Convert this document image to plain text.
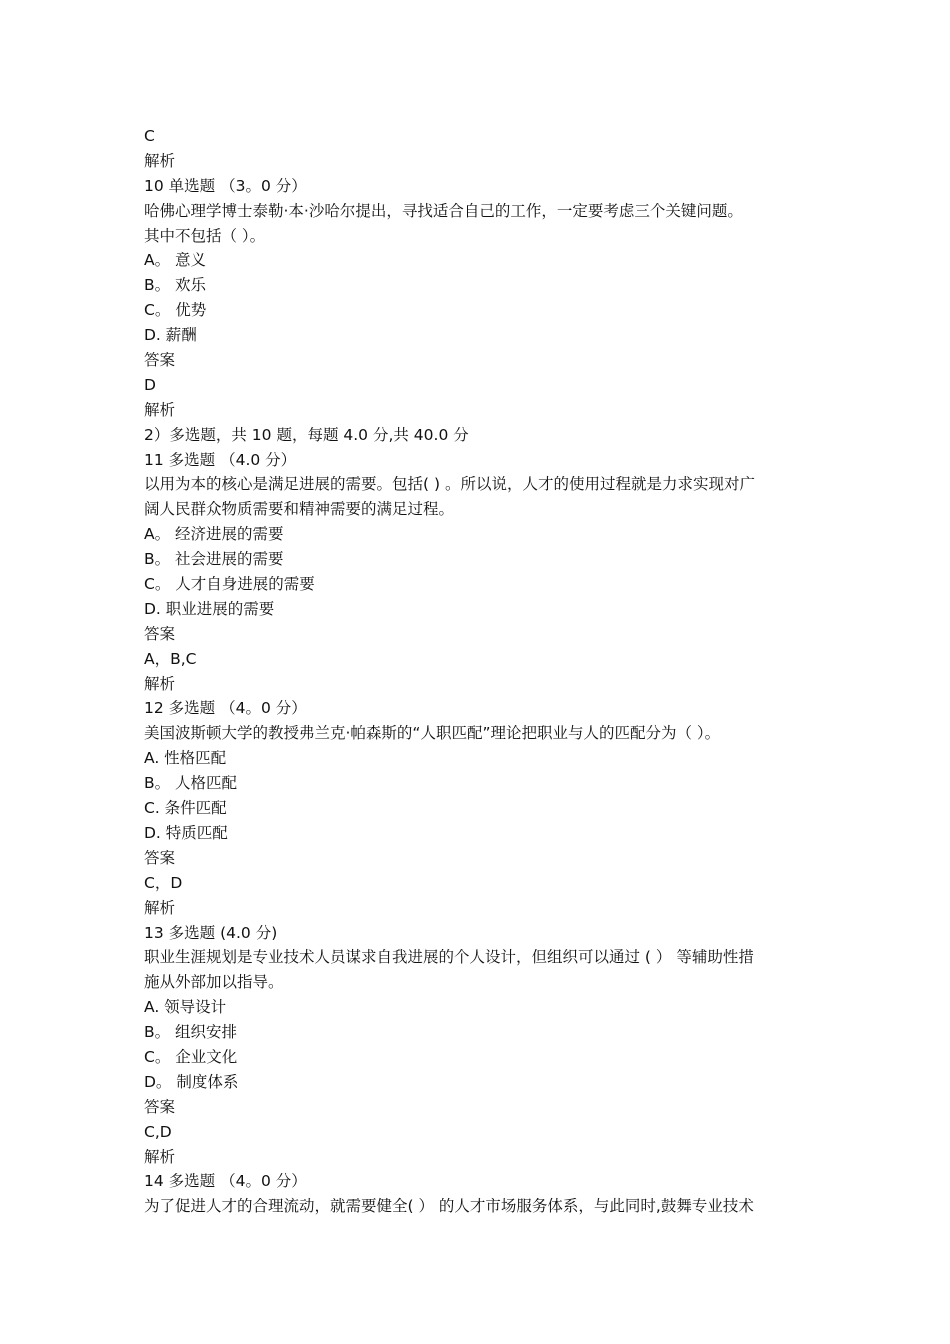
C
解析
10 单选题 （3。0 分）
哈佛心理学博士泰勒·本·沙哈尔提出，寻找适合自己的工作，一定要考虑三个关键问题。
其中不包括（ ）。
A。 意义
B。 欢乐
C。 优势
D. 薪酬
答案
D
解析
2）多选题，共 10 题，每题 4.0 分,共 40.0 分
11 多选题 （4.0 分）
以用为本的核心是满足进展的需要。包括( ) 。所以说，人才的使用过程就是力求实现对广
阔人民群众物质需要和精神需要的满足过程。
A。 经济进展的需要
B。 社会进展的需要
C。 人才自身进展的需要
D. 职业进展的需要
答案
A，B,C
解析
12 多选题 （4。0 分）
美国波斯顿大学的教授弗兰克·帕森斯的“人职匹配”理论把职业与人的匹配分为（ ）。
A. 性格匹配
B。 人格匹配
C. 条件匹配
D. 特质匹配
答案
C，D
解析
13 多选题 (4.0 分)
职业生涯规划是专业技术人员谋求自我进展的个人设计，但组织可以通过 ( ） 等辅助性措
施从外部加以指导。
A. 领导设计
B。 组织安排
C。 企业文化
D。 制度体系
答案
C,D
解析
14 多选题 （4。0 分）
为了促进人才的合理流动，就需要健全( ） 的人才市场服务体系，与此同时,鼓舞专业技术
